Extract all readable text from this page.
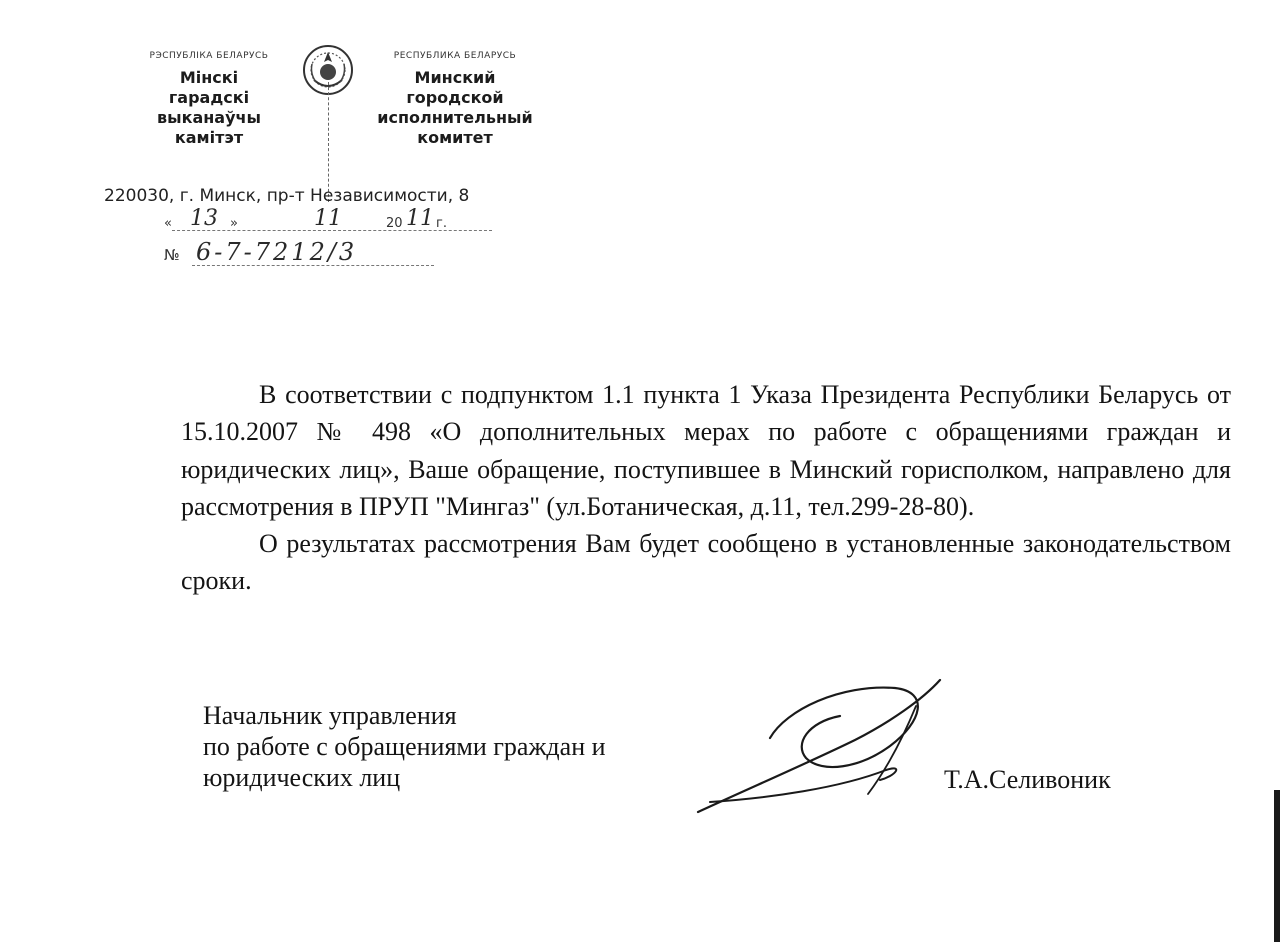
РЭСПУБЛІКА БЕЛАРУСЬ
Мінскі
гарадскі
выканаўчы
камітэт
РЕСПУБЛИКА БЕЛАРУСЬ
Минский
городской
исполнительный
комитет
220030, г. Минск, пр-т Независимости, 8
« 13 »	11	20 11 г.
№ 6-7-7212/3

В соответствии с подпунктом 1.1 пункта 1 Указа Президента Республики Беларусь от 15.10.2007 № 498 «О дополнительных мерах по работе с обращениями граждан и юридических лиц», Ваше обращение, поступившее в Минский горисполком, направлено для рассмотрения в ПРУП "Мингаз" (ул.Ботаническая, д.11, тел.299-28-80).

О результатах рассмотрения Вам будет сообщено в установленные законодательством сроки.

Начальник управления
по работе с обращениями граждан и
юридических лиц	Т.А.Селивоник
